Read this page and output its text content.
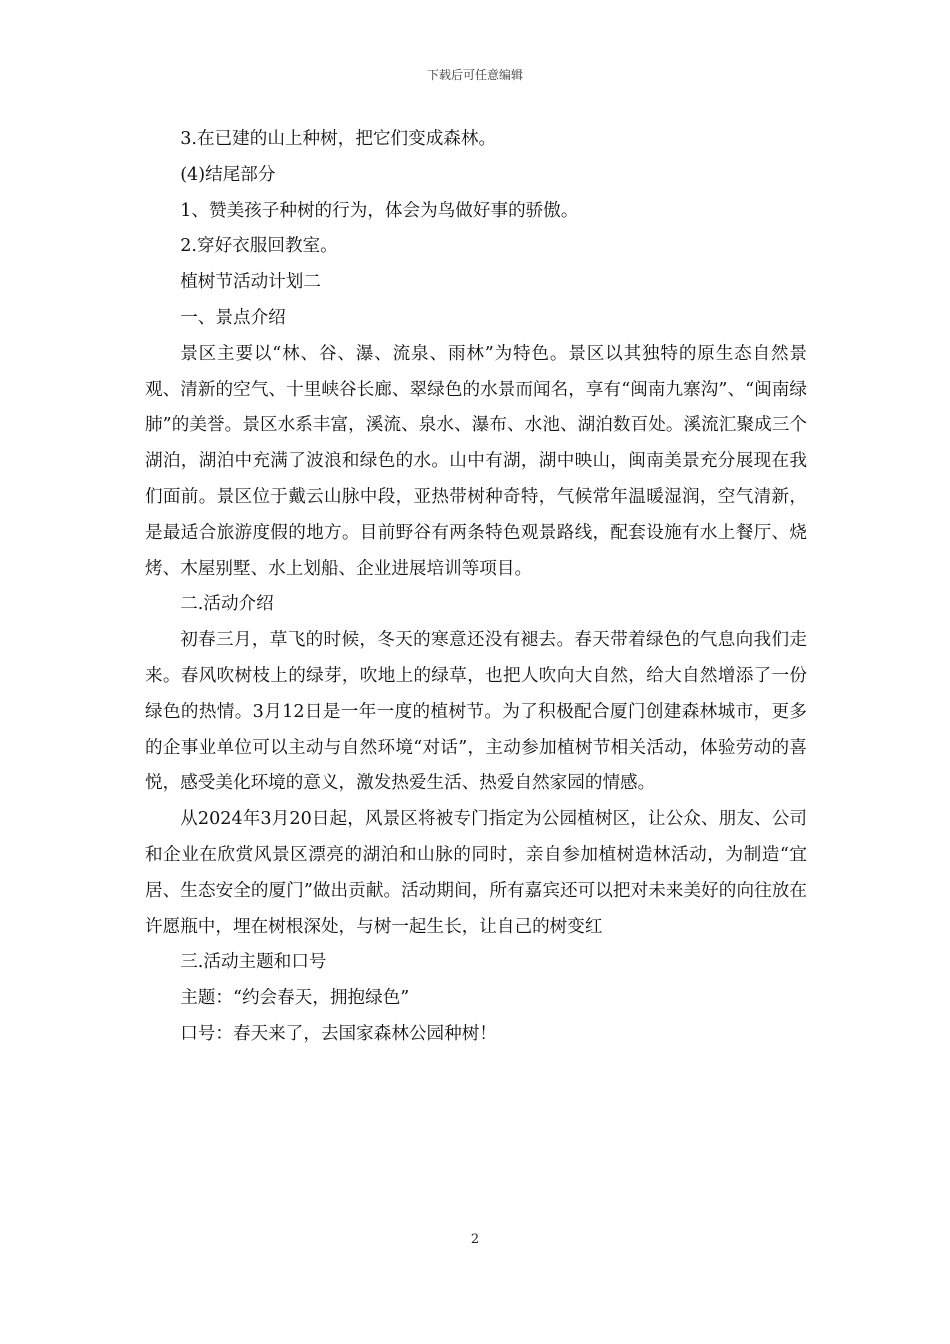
下载后可任意编辑

3.在已建的山上种树，把它们变成森林。

(4)结尾部分

1、赞美孩子种树的行为，体会为鸟做好事的骄傲。

2.穿好衣服回教室。

植树节活动计划二

一、景点介绍

景区主要以“林、谷、瀑、流泉、雨林”为特色。景区以其独特的原生态自然景观、清新的空气、十里峡谷长廊、翠绿色的水景而闻名，享有“闽南九寨沟”、“闽南绿肺”的美誉。景区水系丰富，溪流、泉水、瀑布、水池、湖泊数百处。溪流汇聚成三个湖泊，湖泊中充满了波浪和绿色的水。山中有湖，湖中映山，闽南美景充分展现在我们面前。景区位于戴云山脉中段，亚热带树种奇特，气候常年温暖湿润，空气清新，是最适合旅游度假的地方。目前野谷有两条特色观景路线，配套设施有水上餐厅、烧烤、木屋别墅、水上划船、企业进展培训等项目。

二.活动介绍

初春三月，草飞的时候，冬天的寒意还没有褪去。春天带着绿色的气息向我们走来。春风吹树枝上的绿芽，吹地上的绿草，也把人吹向大自然，给大自然增添了一份绿色的热情。3月12日是一年一度的植树节。为了积极配合厦门创建森林城市，更多的企事业单位可以主动与自然环境“对话”，主动参加植树节相关活动，体验劳动的喜悦，感受美化环境的意义，激发热爱生活、热爱自然家园的情感。

从2024年3月20日起，风景区将被专门指定为公园植树区，让公众、朋友、公司和企业在欣赏风景区漂亮的湖泊和山脉的同时，亲自参加植树造林活动，为制造“宜居、生态安全的厦门”做出贡献。活动期间，所有嘉宾还可以把对未来美好的向往放在许愿瓶中，埋在树根深处，与树一起生长，让自己的树变红

三.活动主题和口号

主题：“约会春天，拥抱绿色”

口号：春天来了，去国家森林公园种树！

2
